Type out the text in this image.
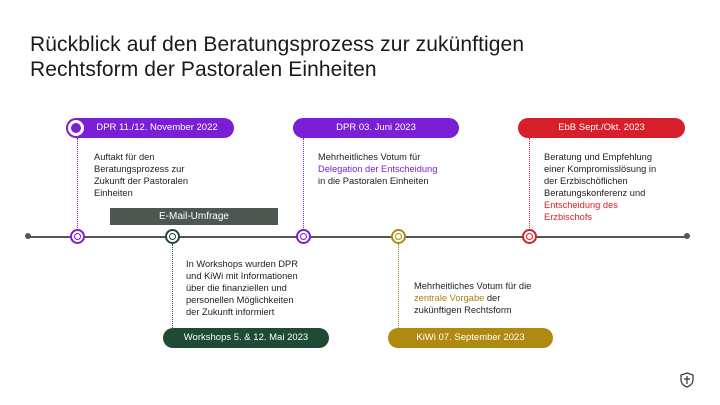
Rückblick auf den Beratungsprozess zur zukünftigen
Rechtsform der Pastoralen Einheiten
DPR 11./12. November 2022
Auftakt für den
Beratungsprozess zur
Zukunft der Pastoralen
Einheiten
E-Mail-Umfrage
In Workshops wurden DPR
und KiWi mit Informationen
über die finanziellen und
personellen Möglichkeiten
der Zukunft informiert
Workshops 5. & 12. Mai 2023
DPR 03. Juni 2023
Mehrheitliches Votum für
Delegation der Entscheidung
in die Pastoralen Einheiten
Mehrheitliches Votum für die
zentrale Vorgabe der
zukünftigen Rechtsform
KiWi 07. September 2023
EbB Sept./Okt. 2023
Beratung und Empfehlung
einer Kompromisslösung in
der Erzbischöflichen
Beratungskonferenz und
Entscheidung des
Erzbischofs
